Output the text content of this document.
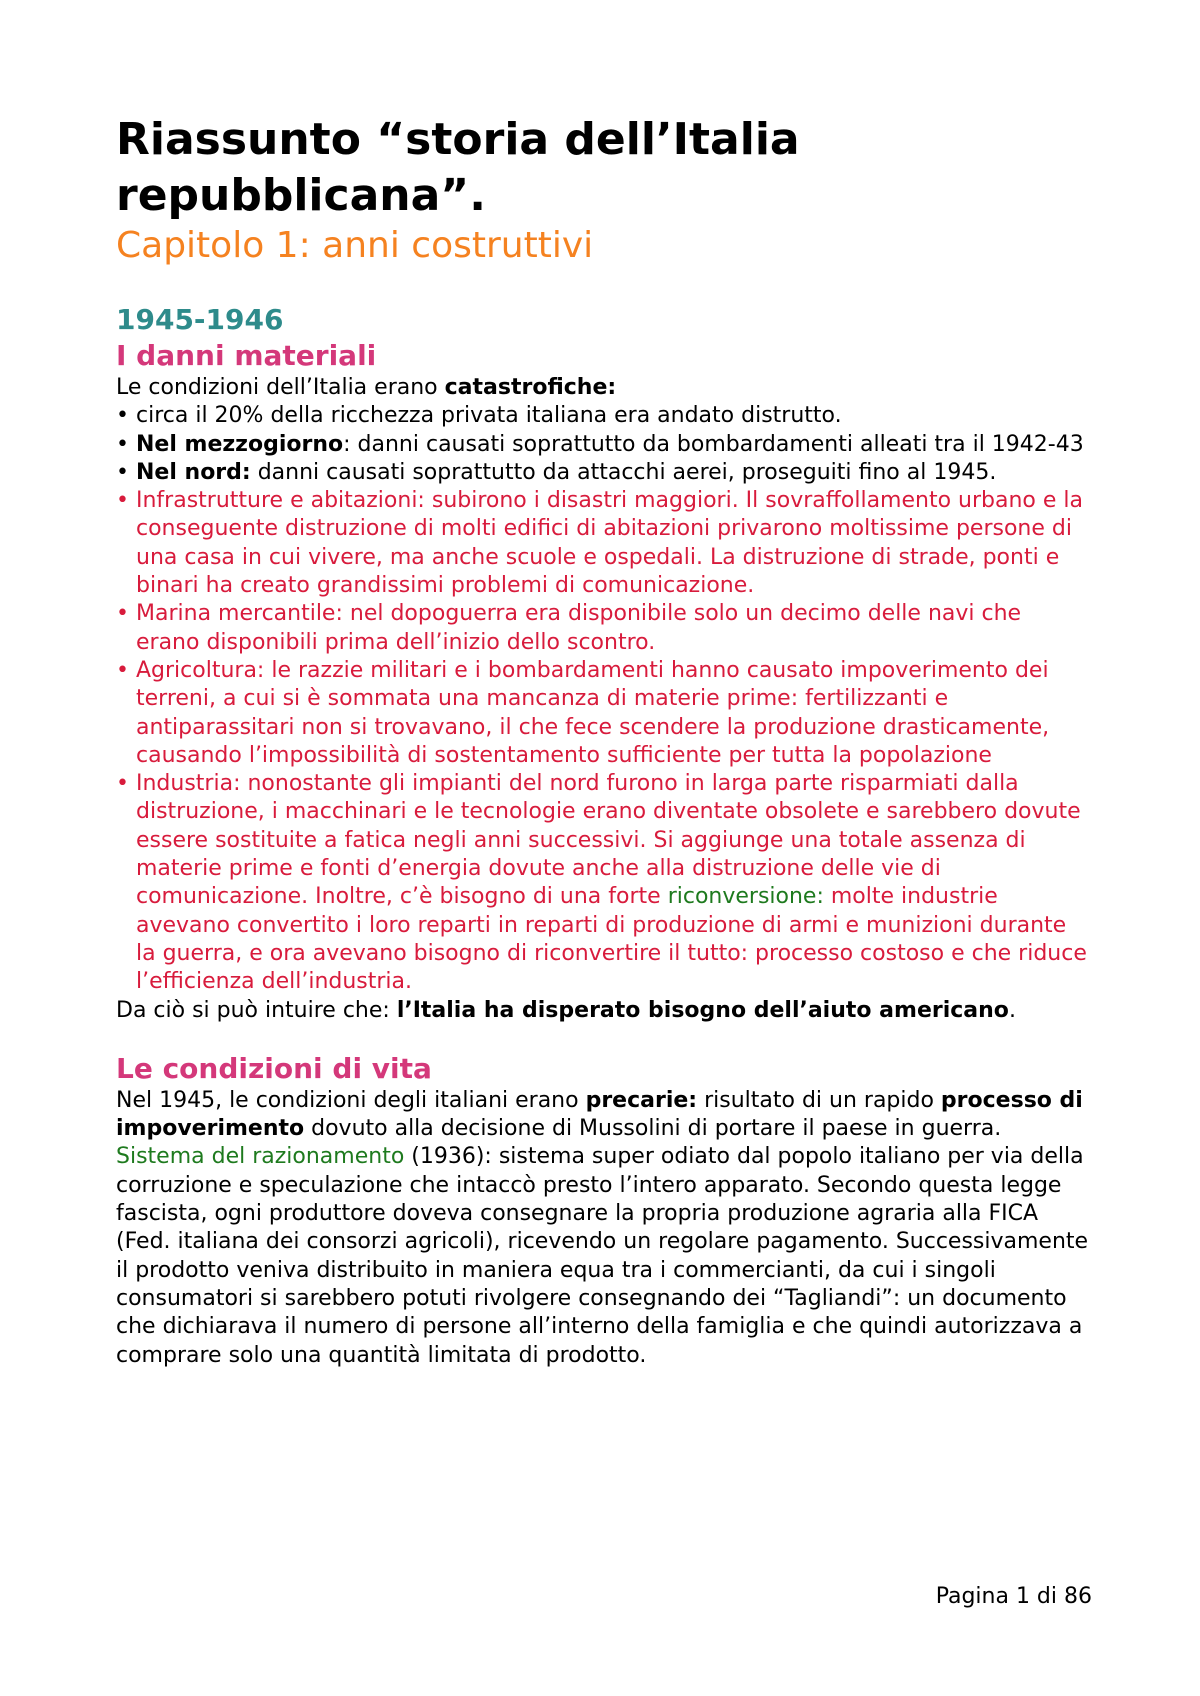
Riassunto “storia dell’Italia repubblicana”.
Capitolo 1: anni costruttivi
1945-1946
I danni materiali

Le condizioni dell’Italia erano catastrofiche:

• circa il 20% della ricchezza privata italiana era andato distrutto.
• Nel mezzogiorno: danni causati soprattutto da bombardamenti alleati tra il 1942-43
• Nel nord: danni causati soprattutto da attacchi aerei, proseguiti fino al 1945.
• Infrastrutture e abitazioni: subirono i disastri maggiori. Il sovraffollamento urbano e la conseguente distruzione di molti edifici di abitazioni privarono moltissime persone di una casa in cui vivere, ma anche scuole e ospedali. La distruzione di strade, ponti e binari ha creato grandissimi problemi di comunicazione.
• Marina mercantile: nel dopoguerra era disponibile solo un decimo delle navi che erano disponibili prima dell’inizio dello scontro.
• Agricoltura: le razzie militari e i bombardamenti hanno causato impoverimento dei terreni, a cui si è sommata una mancanza di materie prime: fertilizzanti e antiparassitari non si trovavano, il che fece scendere la produzione drasticamente, causando l’impossibilità di sostentamento sufficiente per tutta la popolazione
• Industria: nonostante gli impianti del nord furono in larga parte risparmiati dalla distruzione, i macchinari e le tecnologie erano diventate obsolete e sarebbero dovute essere sostituite a fatica negli anni successivi. Si aggiunge una totale assenza di materie prime e fonti d’energia dovute anche alla distruzione delle vie di comunicazione. Inoltre, c’è bisogno di una forte riconversione: molte industrie avevano convertito i loro reparti in reparti di produzione di armi e munizioni durante la guerra, e ora avevano bisogno di riconvertire il tutto: processo costoso e che riduce l’efficienza dell’industria.

Da ciò si può intuire che: l’Italia ha disperato bisogno dell’aiuto americano.

Le condizioni di vita

Nel 1945, le condizioni degli italiani erano precarie: risultato di un rapido processo di impoverimento dovuto alla decisione di Mussolini di portare il paese in guerra.

Sistema del razionamento (1936): sistema super odiato dal popolo italiano per via della corruzione e speculazione che intaccò presto l’intero apparato. Secondo questa legge fascista, ogni produttore doveva consegnare la propria produzione agraria alla FICA (Fed. italiana dei consorzi agricoli), ricevendo un regolare pagamento. Successivamente il prodotto veniva distribuito in maniera equa tra i commercianti, da cui i singoli consumatori si sarebbero potuti rivolgere consegnando dei “Tagliandi”: un documento che dichiarava il numero di persone all’interno della famiglia e che quindi autorizzava a comprare solo una quantità limitata di prodotto.

Pagina 1 di 86
